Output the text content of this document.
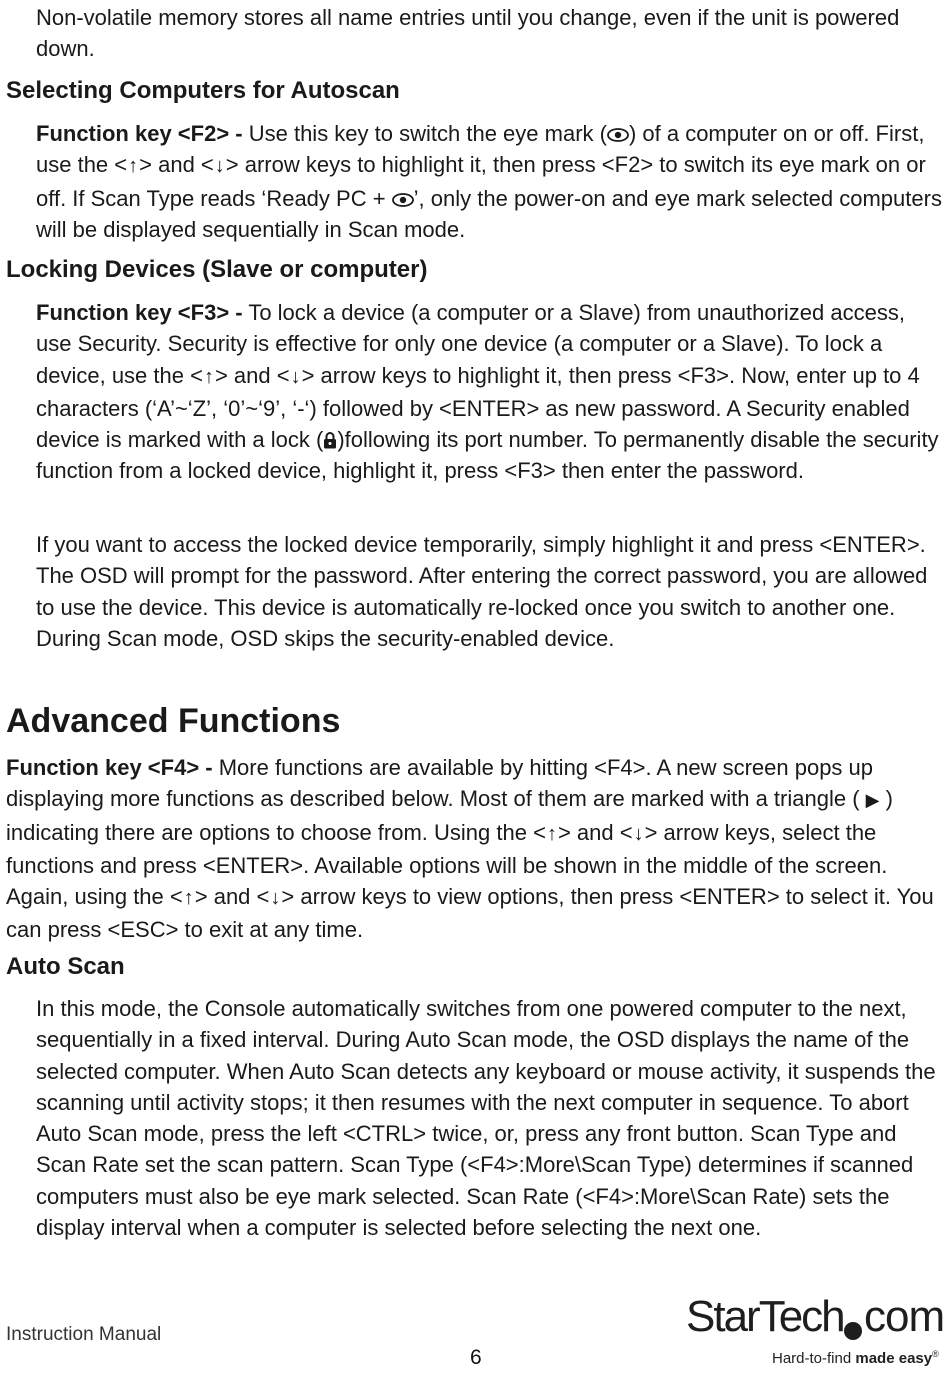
Non-volatile memory stores all name entries until you change, even if the unit is powered down.

Selecting Computers for Autoscan

Function key <F2> - Use this key to switch the eye mark ( ) of a computer on or off. First, use the <↑> and <↓> arrow keys to highlight it, then press <F2> to switch its eye mark on or off. If Scan Type reads ‘Ready PC + ’, only the power-on and eye mark selected computers will be displayed sequentially in Scan mode.

Locking Devices (Slave or computer)

Function key <F3> - To lock a device (a computer or a Slave) from unauthorized access, use Security. Security is effective for only one device (a computer or a Slave). To lock a device, use the <↑> and <↓> arrow keys to highlight it, then press <F3>. Now, enter up to 4 characters (‘A’~‘Z’, ‘0’~‘9’, ‘-‘) followed by <ENTER> as new password. A Security enabled device is marked with a lock ( )following its port number. To permanently disable the security function from a locked device, highlight it, press <F3> then enter the password.

If you want to access the locked device temporarily, simply highlight it and press <ENTER>. The OSD will prompt for the password. After entering the correct password, you are allowed to use the device. This device is automatically re-locked once you switch to another one. During Scan mode, OSD skips the security-enabled device.

Advanced Functions

Function key <F4> - More functions are available by hitting <F4>. A new screen pops up displaying more functions as described below. Most of them are marked with a triangle ( ▶ ) indicating there are options to choose from. Using the <↑> and <↓> arrow keys, select the functions and press <ENTER>. Available options will be shown in the middle of the screen. Again, using the <↑> and <↓> arrow keys to view options, then press <ENTER> to select it. You can press <ESC> to exit at any time.

Auto Scan

In this mode, the Console automatically switches from one powered computer to the next, sequentially in a fixed interval. During Auto Scan mode, the OSD displays the name of the selected computer. When Auto Scan detects any keyboard or mouse activity, it suspends the scanning until activity stops; it then resumes with the next computer in sequence. To abort Auto Scan mode, press the left <CTRL> twice, or, press any front button. Scan Type and Scan Rate set the scan pattern. Scan Type (<F4>:More\Scan Type) determines if scanned computers must also be eye mark selected. Scan Rate (<F4>:More\Scan Rate) sets the display interval when a computer is selected before selecting the next one.

Instruction Manual
6
StarTech com
Hard-to-find made easy®
